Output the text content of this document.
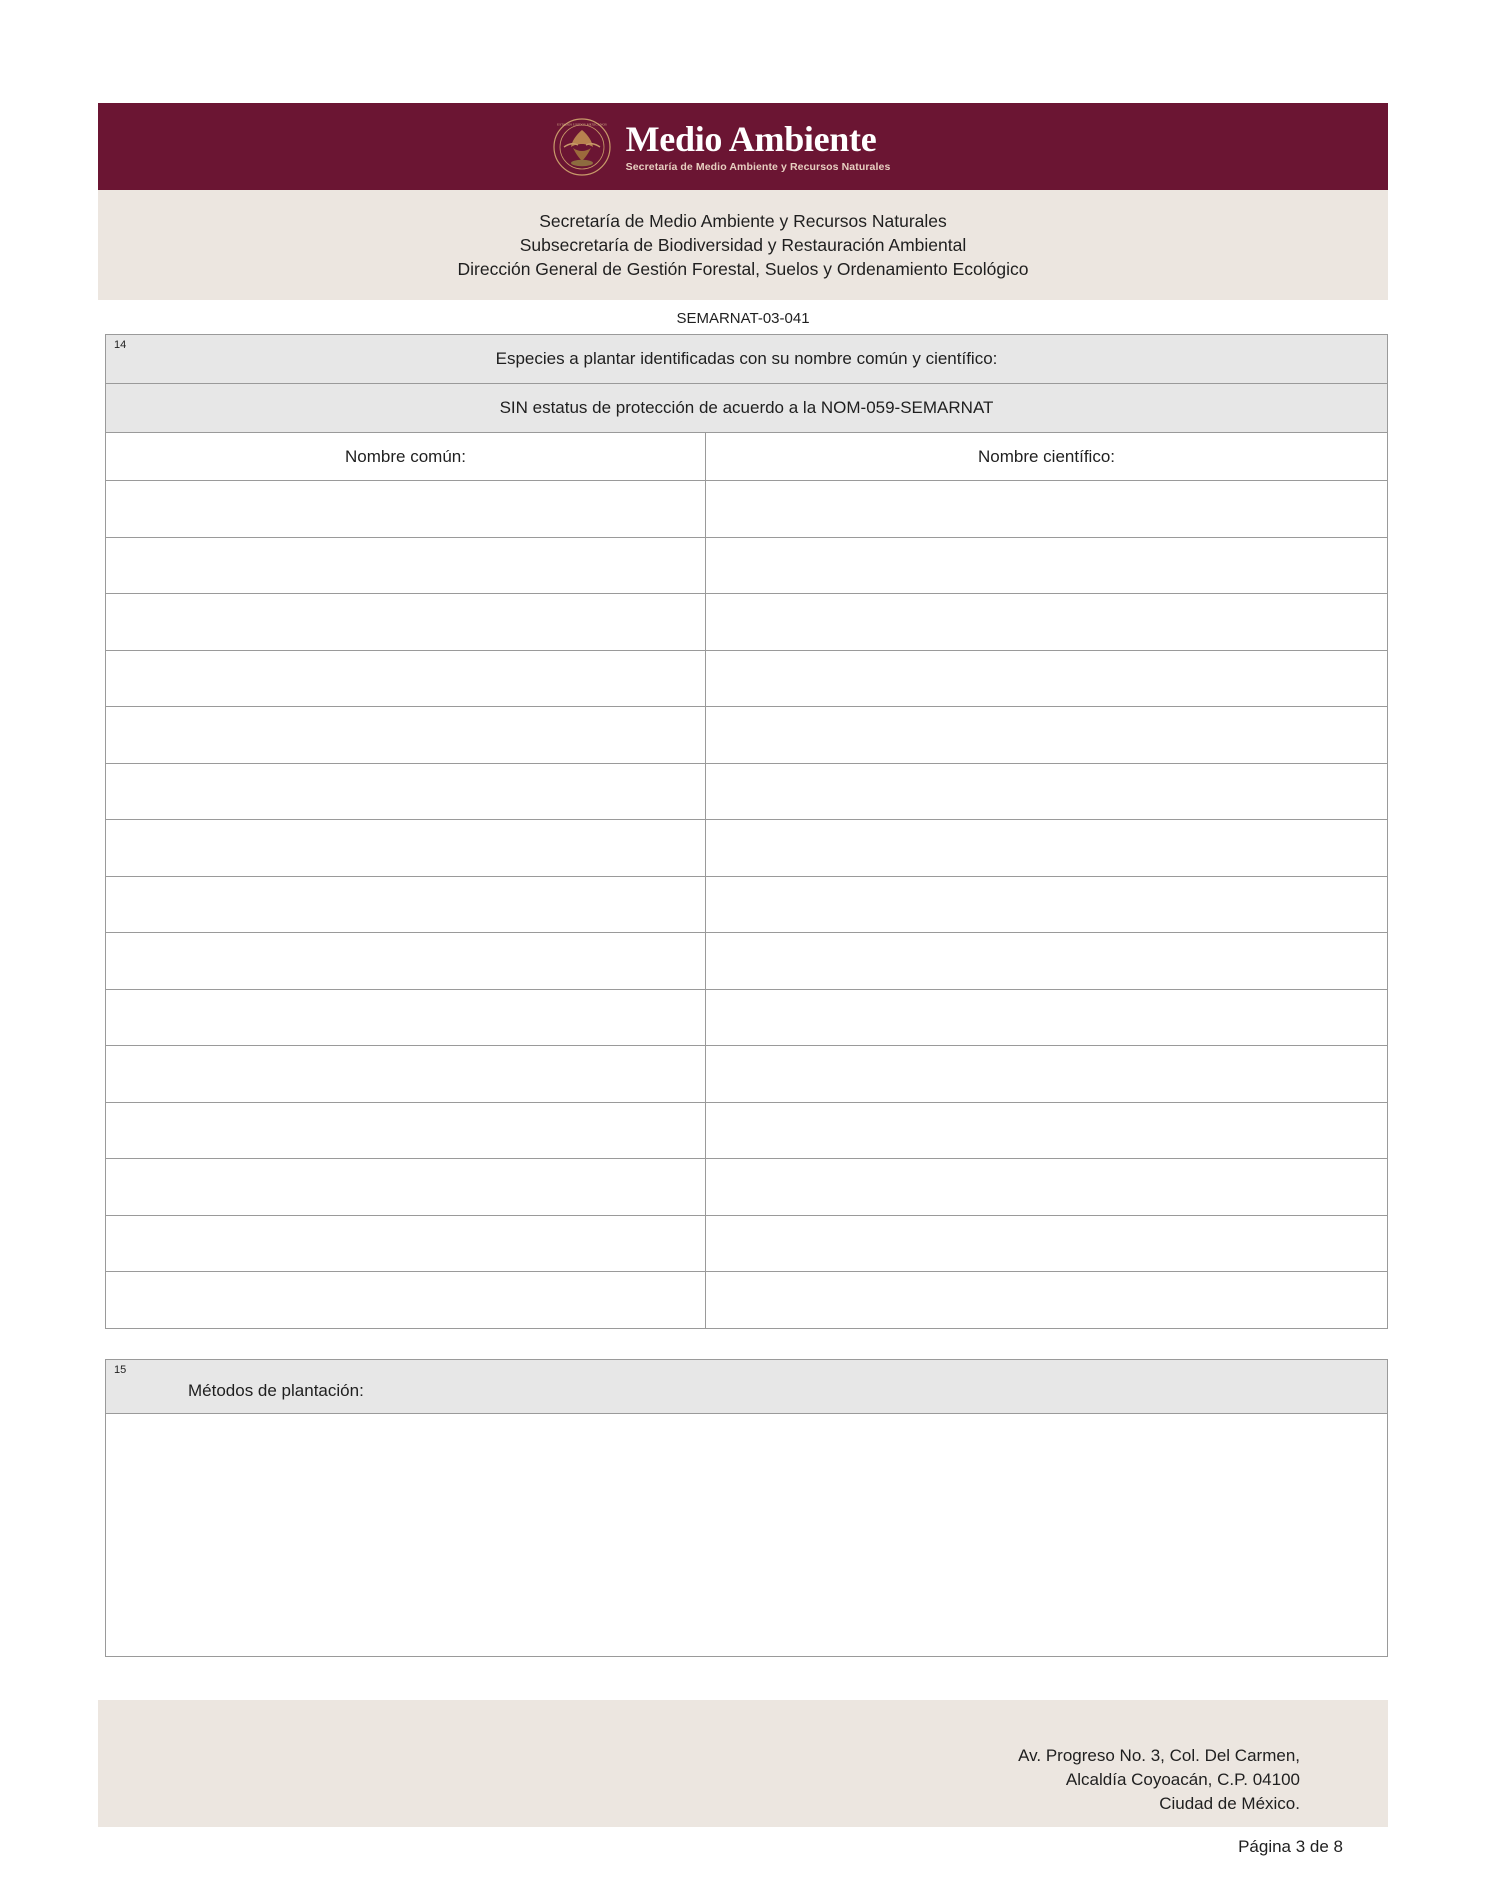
ESTADOS UNIDOS MEXICANOS Medio Ambiente
Secretaría de Medio Ambiente y Recursos Naturales
Secretaría de Medio Ambiente y Recursos Naturales
Subsecretaría de Biodiversidad y Restauración Ambiental
Dirección General de Gestión Forestal, Suelos y Ordenamiento Ecológico
SEMARNAT-03-041
14
Especies a plantar identificadas con su nombre común y científico:
SIN estatus de protección de acuerdo a la NOM-059-SEMARNAT
Nombre común:	Nombre científico:
15
Métodos de plantación:
Av. Progreso No. 3, Col. Del Carmen,
Alcaldía Coyoacán, C.P. 04100
Ciudad de México.
Página 3 de 8
